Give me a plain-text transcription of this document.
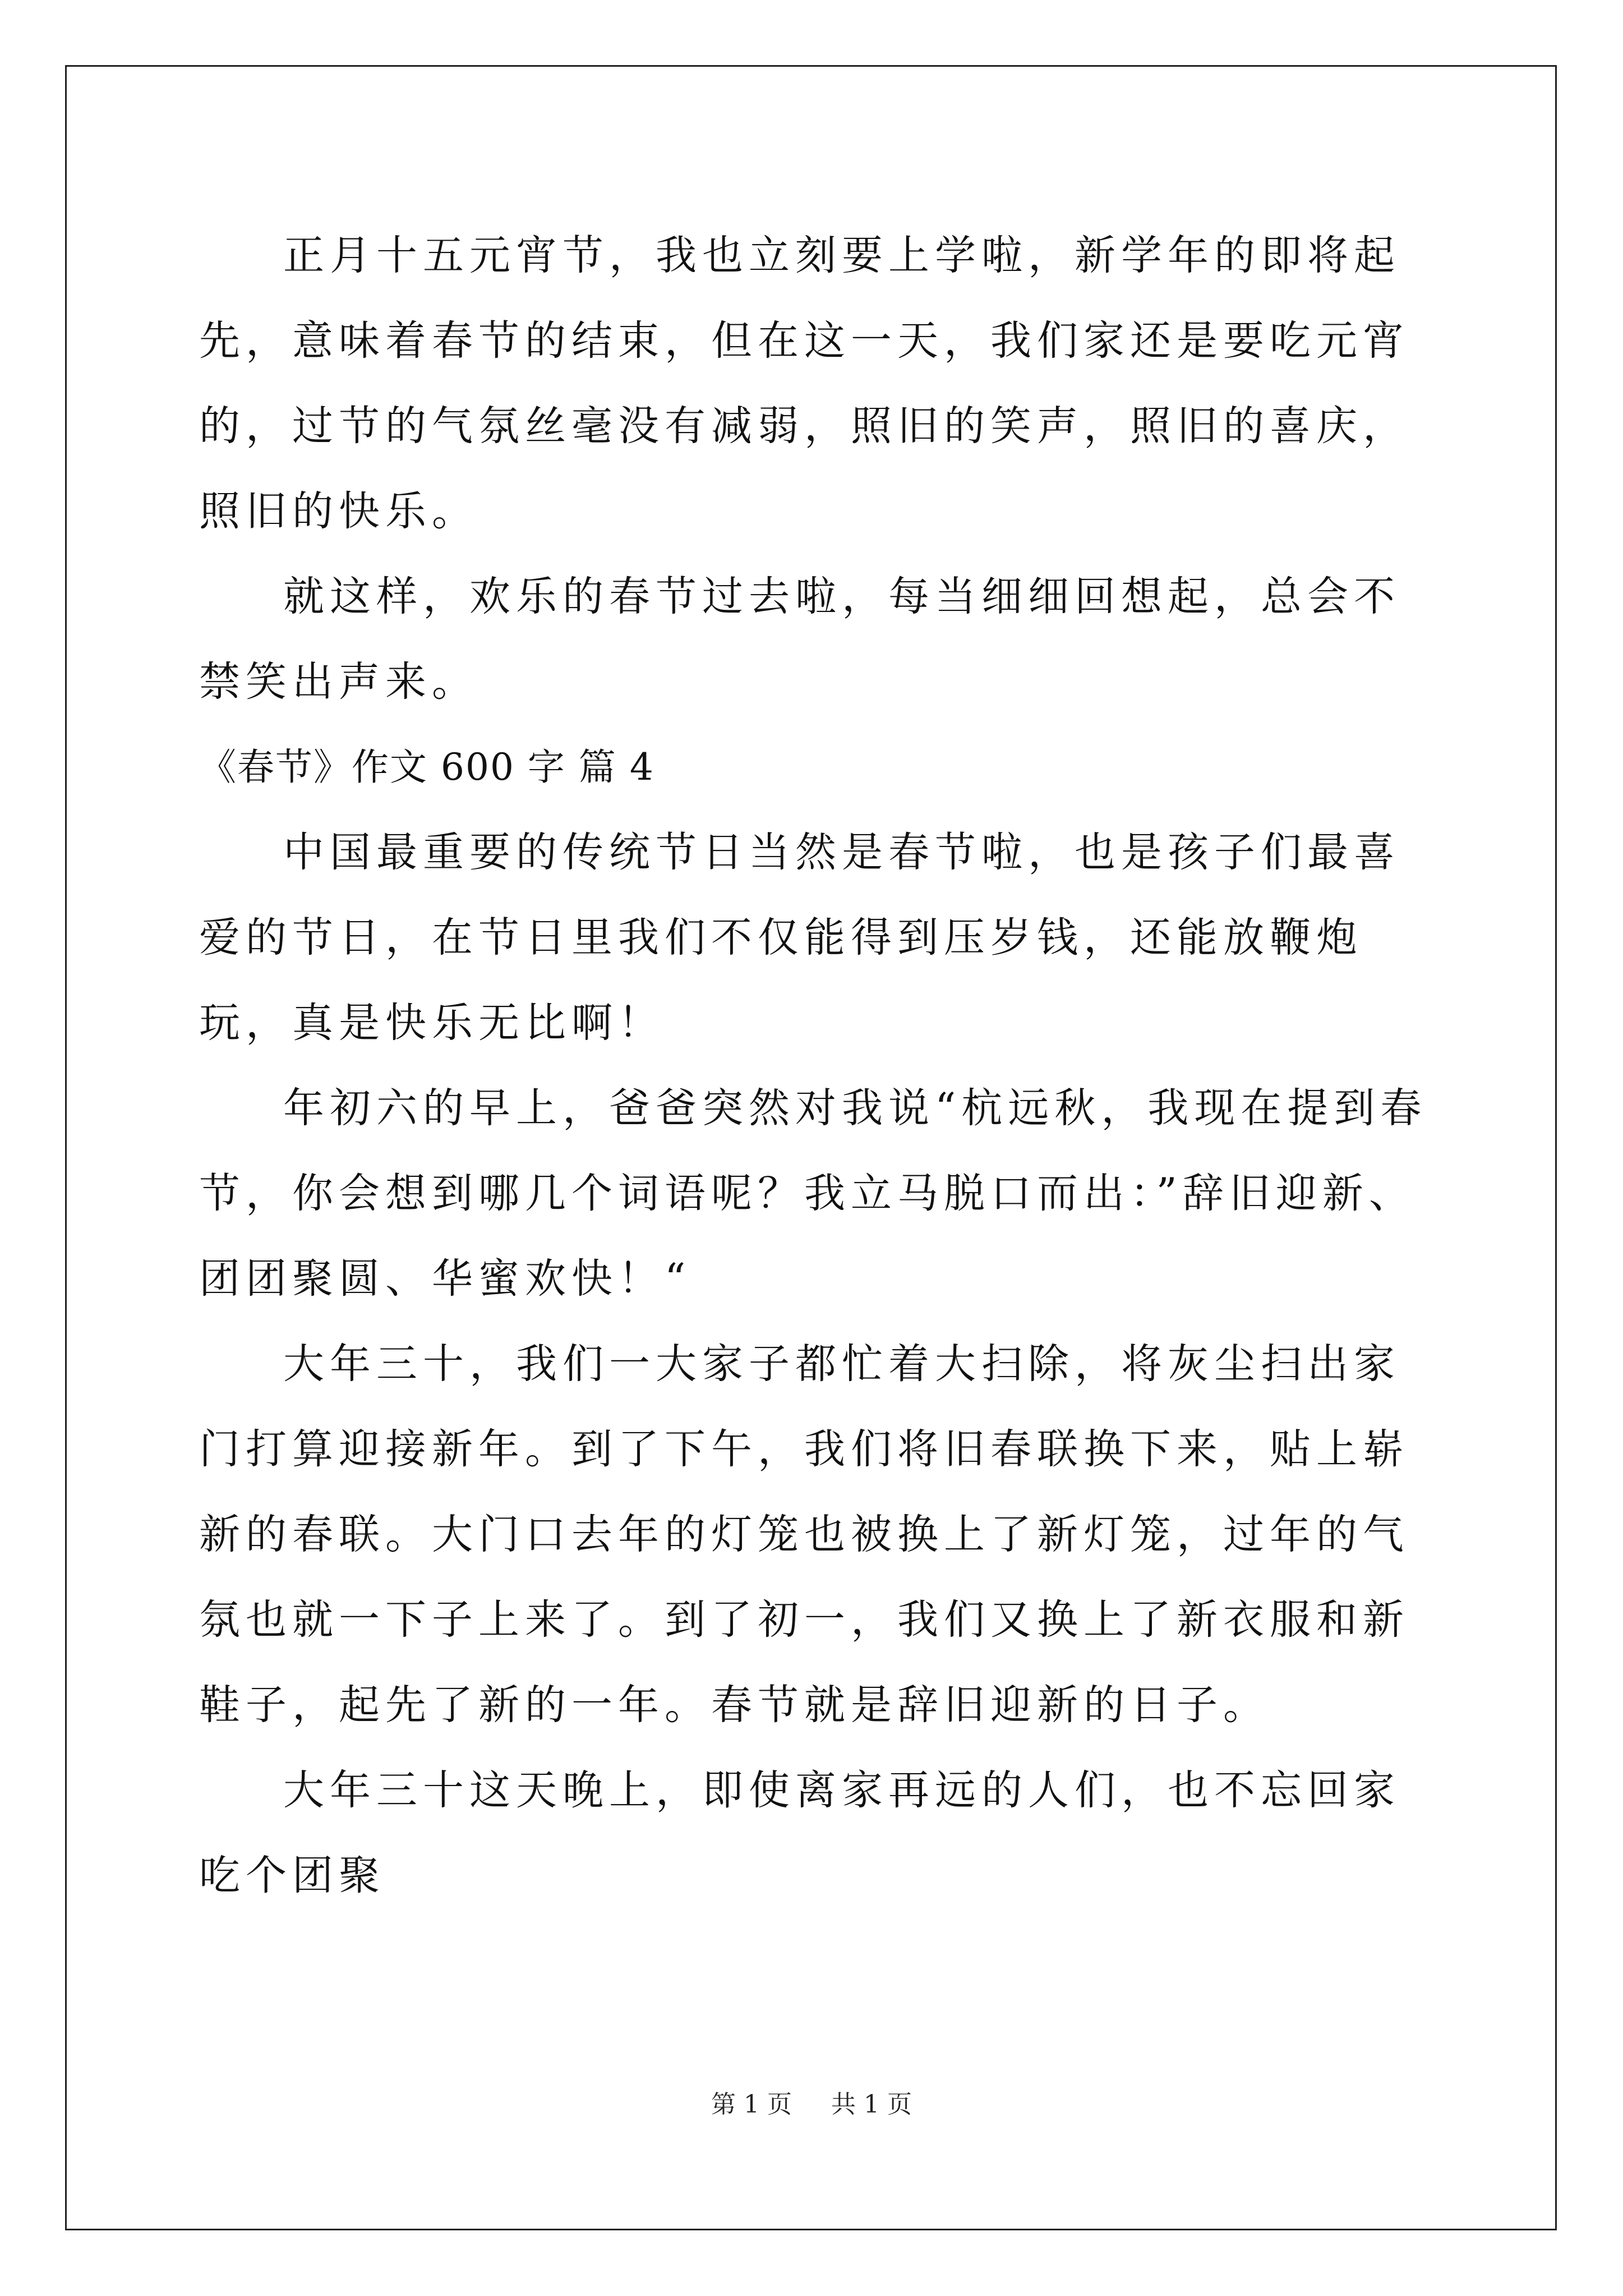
正月十五元宵节，我也立刻要上学啦，新学年的即将起先，意味着春节的结束，但在这一天，我们家还是要吃元宵的，过节的气氛丝毫没有减弱，照旧的笑声，照旧的喜庆，照旧的快乐。

就这样，欢乐的春节过去啦，每当细细回想起，总会不禁笑出声来。

《春节》作文 600 字 篇 4

中国最重要的传统节日当然是春节啦，也是孩子们最喜爱的节日，在节日里我们不仅能得到压岁钱，还能放鞭炮玩，真是快乐无比啊！

年初六的早上，爸爸突然对我说“杭远秋，我现在提到春节，你会想到哪几个词语呢？我立马脱口而出：”辞旧迎新、团团聚圆、华蜜欢快！“

大年三十，我们一大家子都忙着大扫除，将灰尘扫出家门打算迎接新年。到了下午，我们将旧春联换下来，贴上崭新的春联。大门口去年的灯笼也被换上了新灯笼，过年的气氛也就一下子上来了。到了初一，我们又换上了新衣服和新鞋子，起先了新的一年。春节就是辞旧迎新的日子。

大年三十这天晚上，即使离家再远的人们，也不忘回家吃个团聚

第 1 页 共 1 页
